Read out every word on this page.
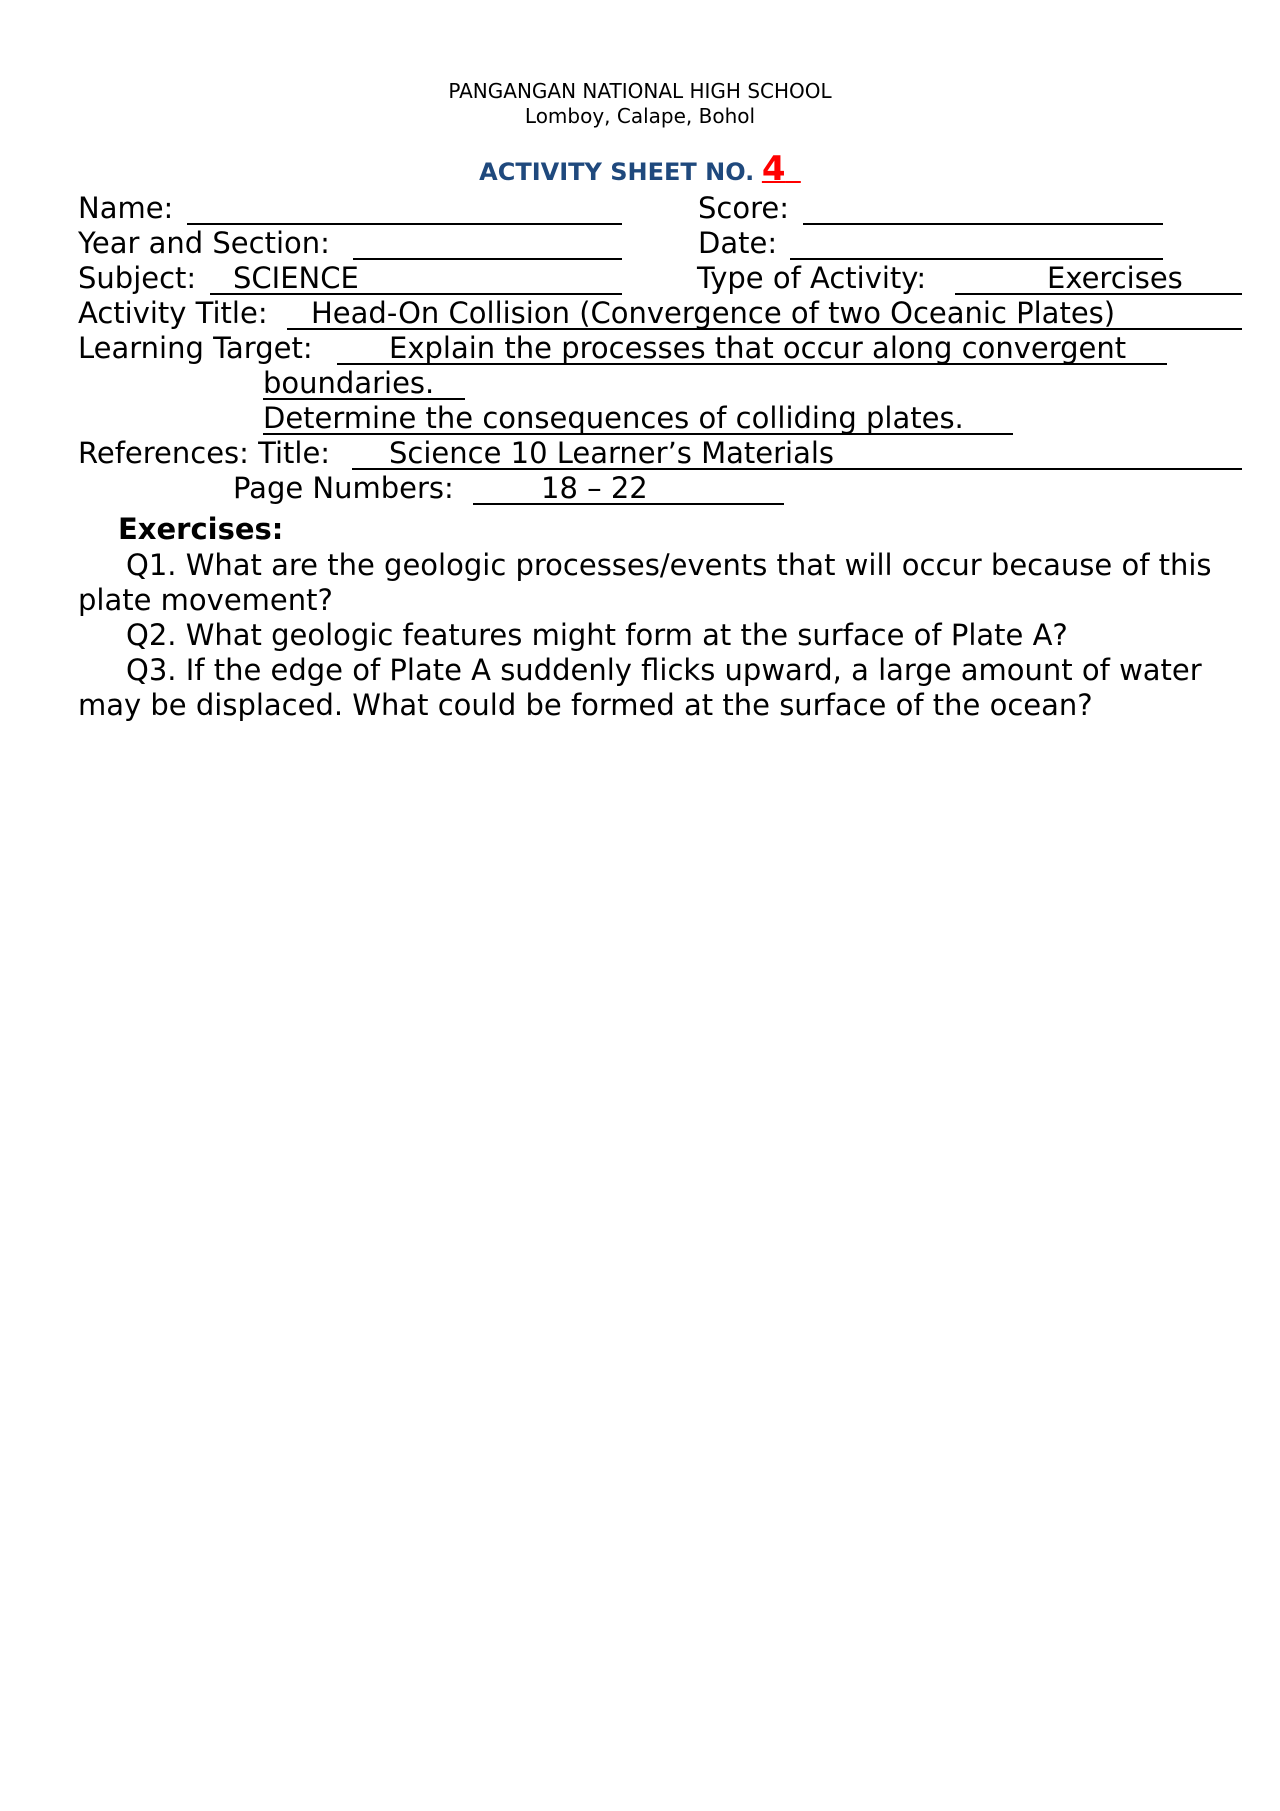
PANGANGAN NATIONAL HIGH SCHOOL
Lomboy, Calape, Bohol
ACTIVITY SHEET NO. 4
Name:	Score:
Year and Section:	Date:
Subject: SCIENCE	Type of Activity:	Exercises
Activity Title: Head-On Collision (Convergence of two Oceanic Plates)
Learning Target:	Explain the processes that occur along convergent
boundaries.
Determine the consequences of colliding plates.
References: Title: Science 10 Learner’s Materials
Page Numbers:	18 – 22
Exercises:
Q1. What are the geologic processes/events that will occur because of this plate movement?
Q2. What geologic features might form at the surface of Plate A?
Q3. If the edge of Plate A suddenly flicks upward, a large amount of water may be displaced. What could be formed at the surface of the ocean?
